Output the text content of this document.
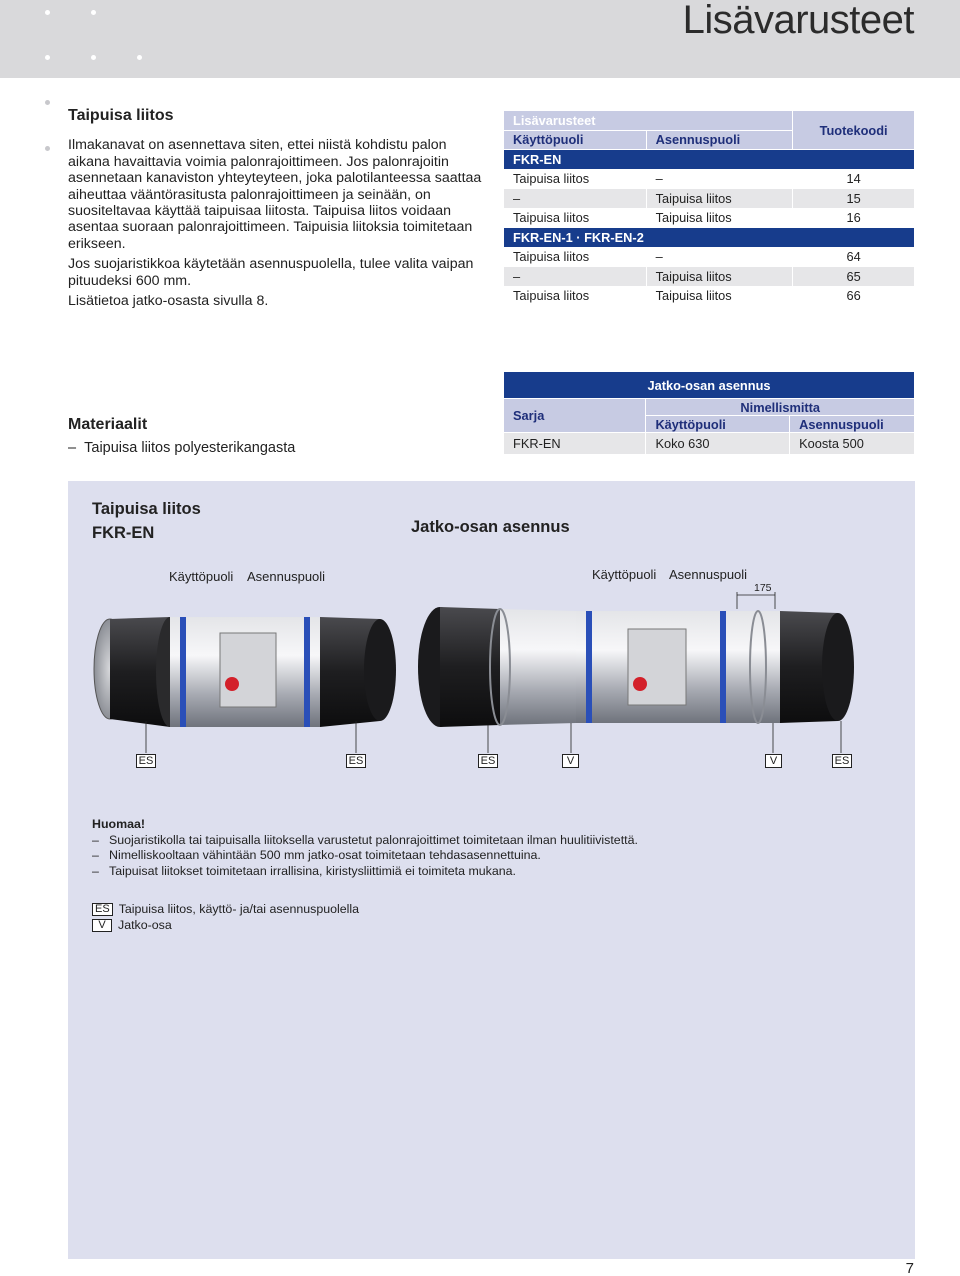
Lisävarusteet
Taipuisa liitos

Ilmakanavat on asennettava siten, ettei niistä kohdistu palon aikana havaittavia voimia palonrajoittimeen. Jos palonrajoitin asennetaan kanaviston yhteyteyteen, joka palotilanteessa saattaa aiheuttaa vääntörasitusta palonrajoittimeen ja seinään, on suositeltavaa käyttää taipuisaa liitosta. Taipuisa liitos voidaan asentaa suoraan palonrajoittimeen. Taipuisia liitoksia toimitetaan erikseen.

Jos suojaristikkoa käytetään asennuspuolella, tulee valita vaipan pituudeksi 600 mm.

Lisätietoa jatko-osasta sivulla 8.

Lisävarusteet		Tuotekoodi
Käyttöpuoli	Asennuspuoli	
FKR-EN		
Taipuisa liitos	–	14
–	Taipuisa liitos	15
Taipuisa liitos	Taipuisa liitos	16
FKR-EN-1 · FKR-EN-2		
Taipuisa liitos	–	64
–	Taipuisa liitos	65
Taipuisa liitos	Taipuisa liitos	66
Materiaalit
–  Taipuisa liitos polyesterikangasta
Jatko-osan asennus		
Sarja	Nimellismitta	
	Käyttöpuoli	Asennuspuoli
FKR-EN	Koko 630	Koosta 500
Taipuisa liitos
FKR-EN	Jatko-osan asennus
Käyttöpuoli Asennuspuoli	Käyttöpuoli Asennuspuoli
175
ES	ES	ES	V	V	ES
Huomaa!
– Suojaristikolla tai taipuisalla liitoksella varustetut palonrajoittimet toimitetaan ilman huulitiivistettä.
– Nimelliskooltaan vähintään 500 mm jatko-osat toimitetaan tehdasasennettuina.
– Taipuisat liitokset toimitetaan irrallisina, kiristysliittimiä ei toimiteta mukana.
ES Taipuisa liitos, käyttö- ja/tai asennuspuolella
V Jatko-osa
7
